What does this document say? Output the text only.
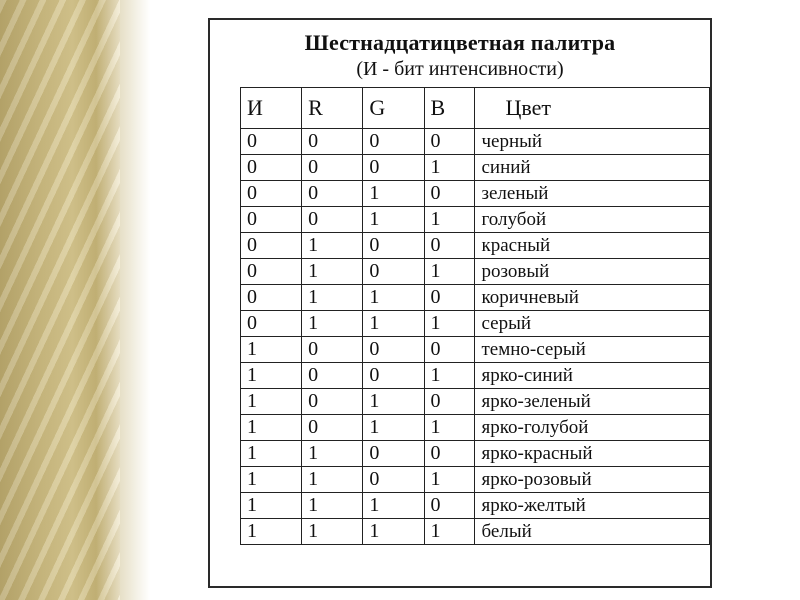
Шестнадцатицветная палитра
(И - бит интенсивности)
И	R	G	B	Цвет
0	0	0	0	черный
0	0	0	1	синий
0	0	1	0	зеленый
0	0	1	1	голубой
0	1	0	0	красный
0	1	0	1	розовый
0	1	1	0	коричневый
0	1	1	1	серый
1	0	0	0	темно-серый
1	0	0	1	ярко-синий
1	0	1	0	ярко-зеленый
1	0	1	1	ярко-голубой
1	1	0	0	ярко-красный
1	1	0	1	ярко-розовый
1	1	1	0	ярко-желтый
1	1	1	1	белый
